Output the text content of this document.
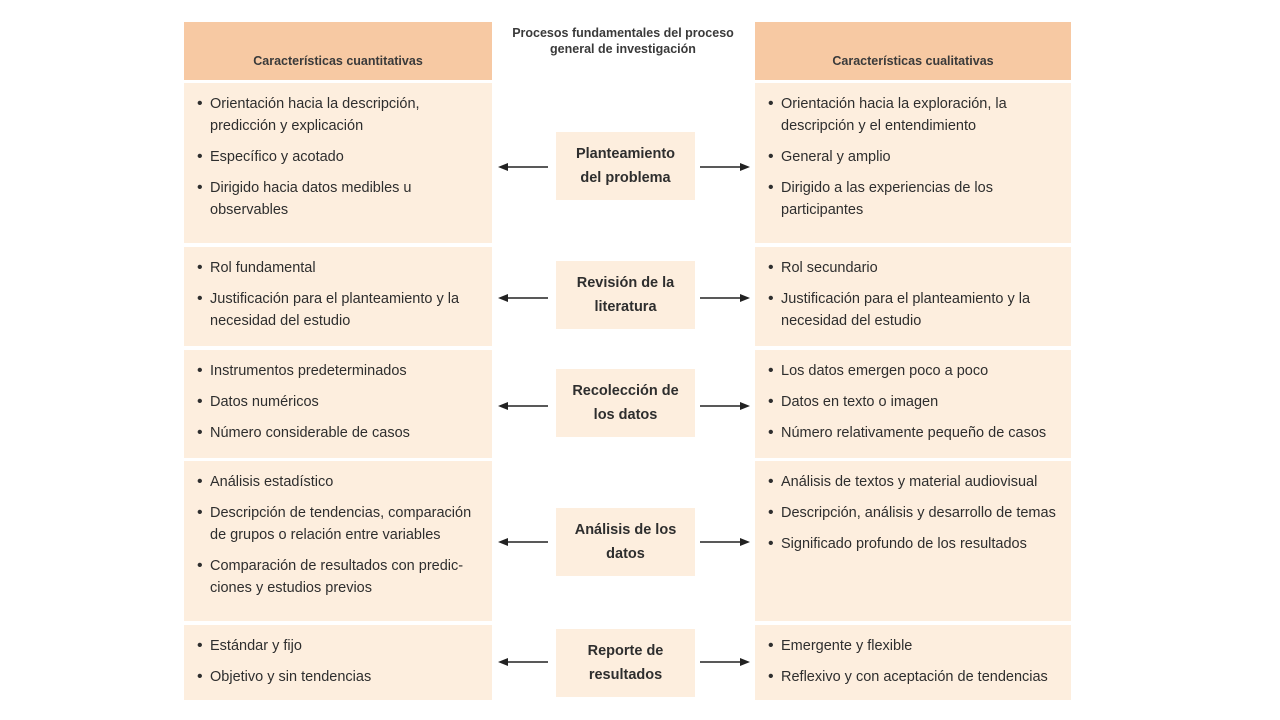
Características cuantitativas
Procesos fundamentales del proceso general de investigación
Características cualitativas
• Orientación hacia la descripción, predicción y explicación
• Específico y acotado
• Dirigido hacia datos medibles u observables
• Orientación hacia la exploración, la descripción y el entendimiento
• General y amplio
• Dirigido a las experiencias de los participantes
Planteamiento del problema
• Rol fundamental
• Justificación para el planteamiento y la necesidad del estudio
• Rol secundario
• Justificación para el planteamiento y la necesidad del estudio
Revisión de la literatura
• Instrumentos predeterminados
• Datos numéricos
• Número considerable de casos
• Los datos emergen poco a poco
• Datos en texto o imagen
• Número relativamente pequeño de casos
Recolección de los datos
• Análisis estadístico
• Descripción de tendencias, comparación de grupos o relación entre variables
• Comparación de resultados con predic-ciones y estudios previos
• Análisis de textos y material audiovisual
• Descripción, análisis y desarrollo de temas
• Significado profundo de los resultados
Análisis de los datos
• Estándar y fijo
• Objetivo y sin tendencias
• Emergente y flexible
• Reflexivo y con aceptación de tendencias
Reporte de resultados
